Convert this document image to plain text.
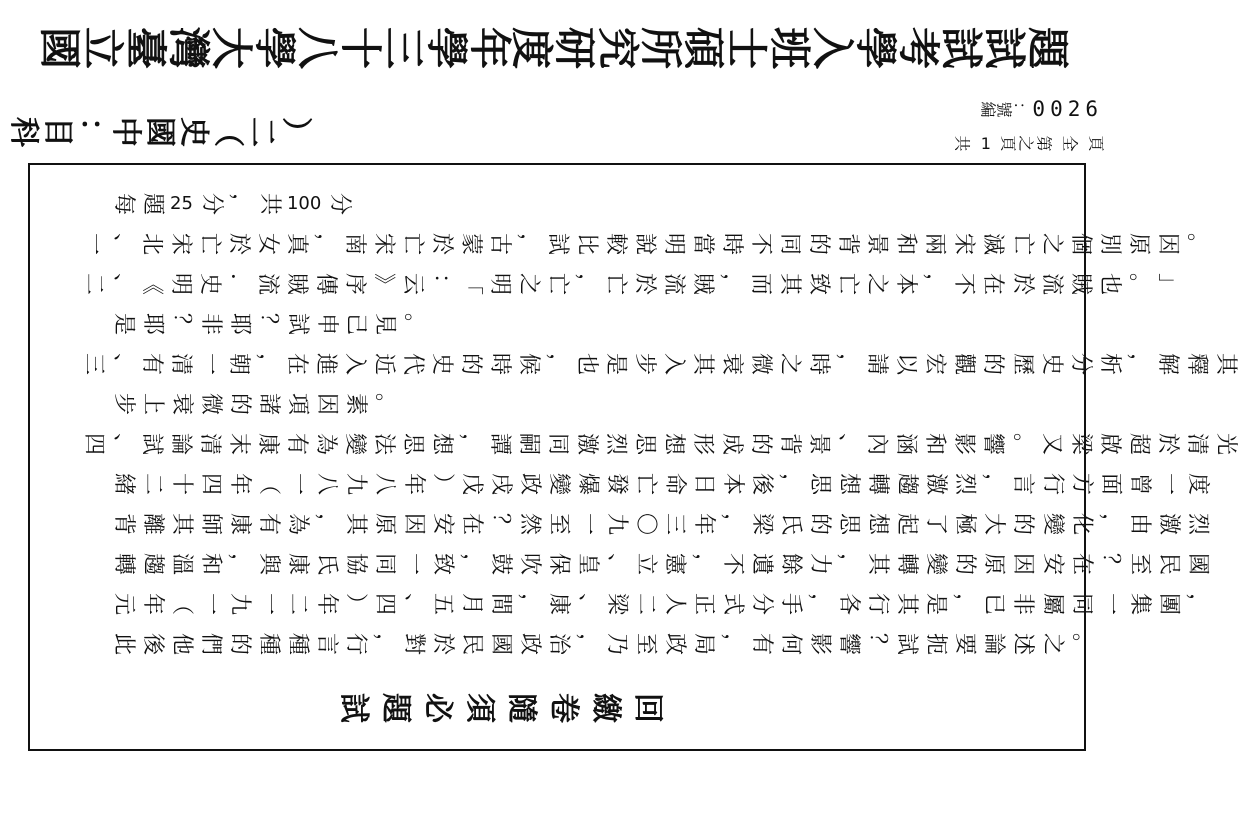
國
立
臺
灣
大
學
八
十
三
學
年
度
研
究
所
碩
士
班
入
學
考
試
試
題
科 目 ： 中 國 史 （ 二 ）
編號： 0026
共 1 頁 之 第 全 頁
每 題 25 分 ， 共 100 分
一 、 北 宋 亡 於 女 真 ， 南 宋 亡 於 蒙 古 ， 試 比 較 說 明 當 時 不 同 的 背 景 和 兩 宋 滅 亡 之 個 別 原 因 。
二 、 《 明 史 ． 流 賊 傳 序 》 云 ： 「 明 之 亡 ， 亡 於 流 賊 ， 而 其 致 亡 之 本 ， 不 在 於 流 賊 也 。 」
是 耶 ？ 非 耶 ？ 試 申 己 見 。
三 、 有 清 一 朝 ， 在 進 入 近 代 史 的 時 候 ， 也 是 步 入 其 衰 微 之 時 ， 請 以 宏 觀 的 歷 史 分 析 ， 解 釋 其
步 上 衰 微 的 諸 項 因 素 。
四 、 試 論 清 末 康 有 為 變 法 思 想 ， 譚 嗣 同 激 烈 思 想 形 成 的 背 景 、 內 涵 和 影 響 。 又 梁 啟 超 於 清 光
緒 二 十 四 年 （ 一 八 九 八 年 ） 戊 戌 政 變 爆 發 亡 命 日 本 後 ， 思 想 轉 趨 激 烈 ， 言 行 方 面 曾 一 度
背 離 其 師 康 有 為 ， 其 原 因 安 在 ？ 然 至 一 九 〇 三 年 ， 梁 氏 的 思 想 起 了 極 大 的 變 化 ， 由 激 烈
轉 趨 溫 和 ， 與 康 氏 協 同 一 致 ， 鼓 吹 保 皇 、 立 憲 ， 不 遺 餘 力 ， 其 轉 變 的 原 因 安 在 ？ 至 民 國
元 年 （ 一 九 一 二 年 ） 四 、 五 月 間 ， 康 、 梁 二 人 正 式 分 手 ， 各 行 其 是 ， 已 非 屬 同 一 集 團 ，
此 後 他 們 的 種 種 言 行 ， 對 於 民 國 政 治 ， 乃 至 政 局 ， 有 何 影 響 ？ 試 扼 要 論 述 之 。
試 題 必 須 隨 卷 繳 回
